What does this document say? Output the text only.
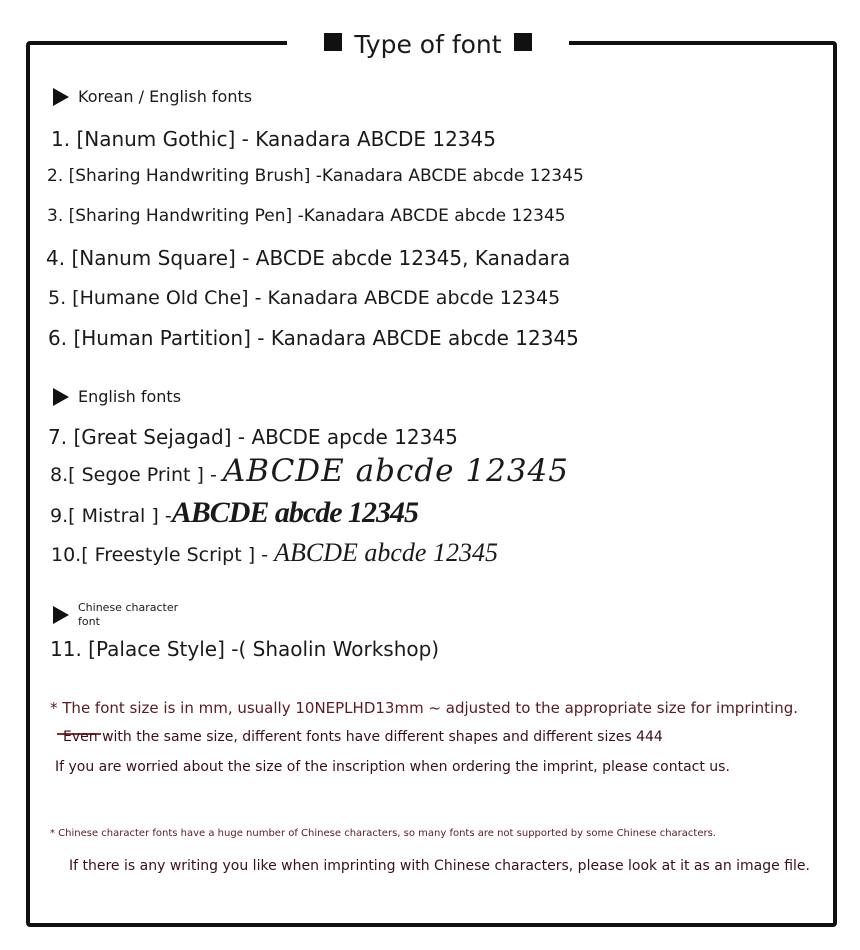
Type of font
Korean / English fonts
1. [Nanum Gothic] - Kanadara ABCDE 12345
2. [Sharing Handwriting Brush] -Kanadara ABCDE abcde 12345
3. [Sharing Handwriting Pen] -Kanadara ABCDE abcde 12345
4. [Nanum Square] - ABCDE abcde 12345, Kanadara
5. [Humane Old Che] - Kanadara ABCDE abcde 12345
6. [Human Partition] - Kanadara ABCDE abcde 12345
English fonts
7. [Great Sejagad] - ABCDE apcde 12345
8.[ Segoe Print ] - ABCDE abcde 12345
9.[ Mistral ] -ABCDE abcde 12345
10.[ Freestyle Script ] - ABCDE abcde 12345
Chinese character
font
11. [Palace Style] -( Shaolin Workshop)
* The font size is in mm, usually 10NEPLHD13mm ~ adjusted to the appropriate size for imprinting.
Even with the same size, different fonts have different shapes and different sizes 444
If you are worried about the size of the inscription when ordering the imprint, please contact us.
* Chinese character fonts have a huge number of Chinese characters, so many fonts are not supported by some Chinese characters.
If there is any writing you like when imprinting with Chinese characters, please look at it as an image file.
